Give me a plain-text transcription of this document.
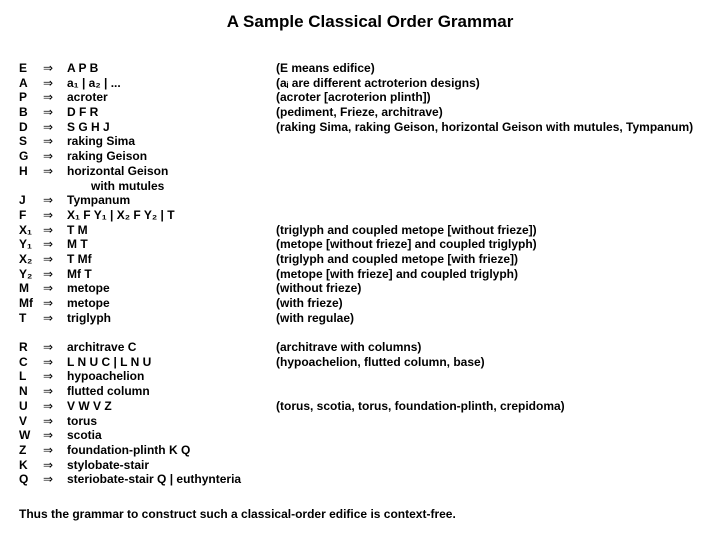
A Sample Classical Order Grammar
E	⇒	A P B	(E means edifice)
A	⇒	a₁ | a₂ | ...	(aᵢ are different actroterion designs)
P	⇒	acroter	(acroter [acroterion plinth])
B	⇒	D F R	(pediment, Frieze, architrave)
D	⇒	S G H J	(raking Sima, raking Geison, horizontal Geison with mutules, Tympanum)
S	⇒	raking Sima
G	⇒	raking Geison
H	⇒	horizontal Geison
with mutules
J	⇒	Tympanum
F	⇒	X₁ F Y₁ | X₂ F Y₂ | T
X₁ ⇒	T M	(triglyph and coupled metope [without frieze])
Y₁ ⇒	M T	(metope [without frieze] and coupled triglyph)
X₂ ⇒	T Mf	(triglyph and coupled metope [with frieze])
Y₂ ⇒	Mf T	(metope [with frieze] and coupled triglyph)
M	⇒	metope	(without frieze)
Mf ⇒	metope	(with frieze)
T	⇒	triglyph	(with regulae)
R	⇒	architrave C	(architrave with columns)
C	⇒	L N U C | L N U	(hypoachelion, flutted column, base)
L	⇒	hypoachelion
N	⇒	flutted column
U	⇒	V W V Z	(torus, scotia, torus, foundation-plinth, crepidoma)
V	⇒	torus
W	⇒	scotia
Z	⇒	foundation-plinth K Q
K	⇒	stylobate-stair
Q	⇒	steriobate-stair Q | euthynteria
Thus the grammar to construct such a classical-order edifice is context-free.
